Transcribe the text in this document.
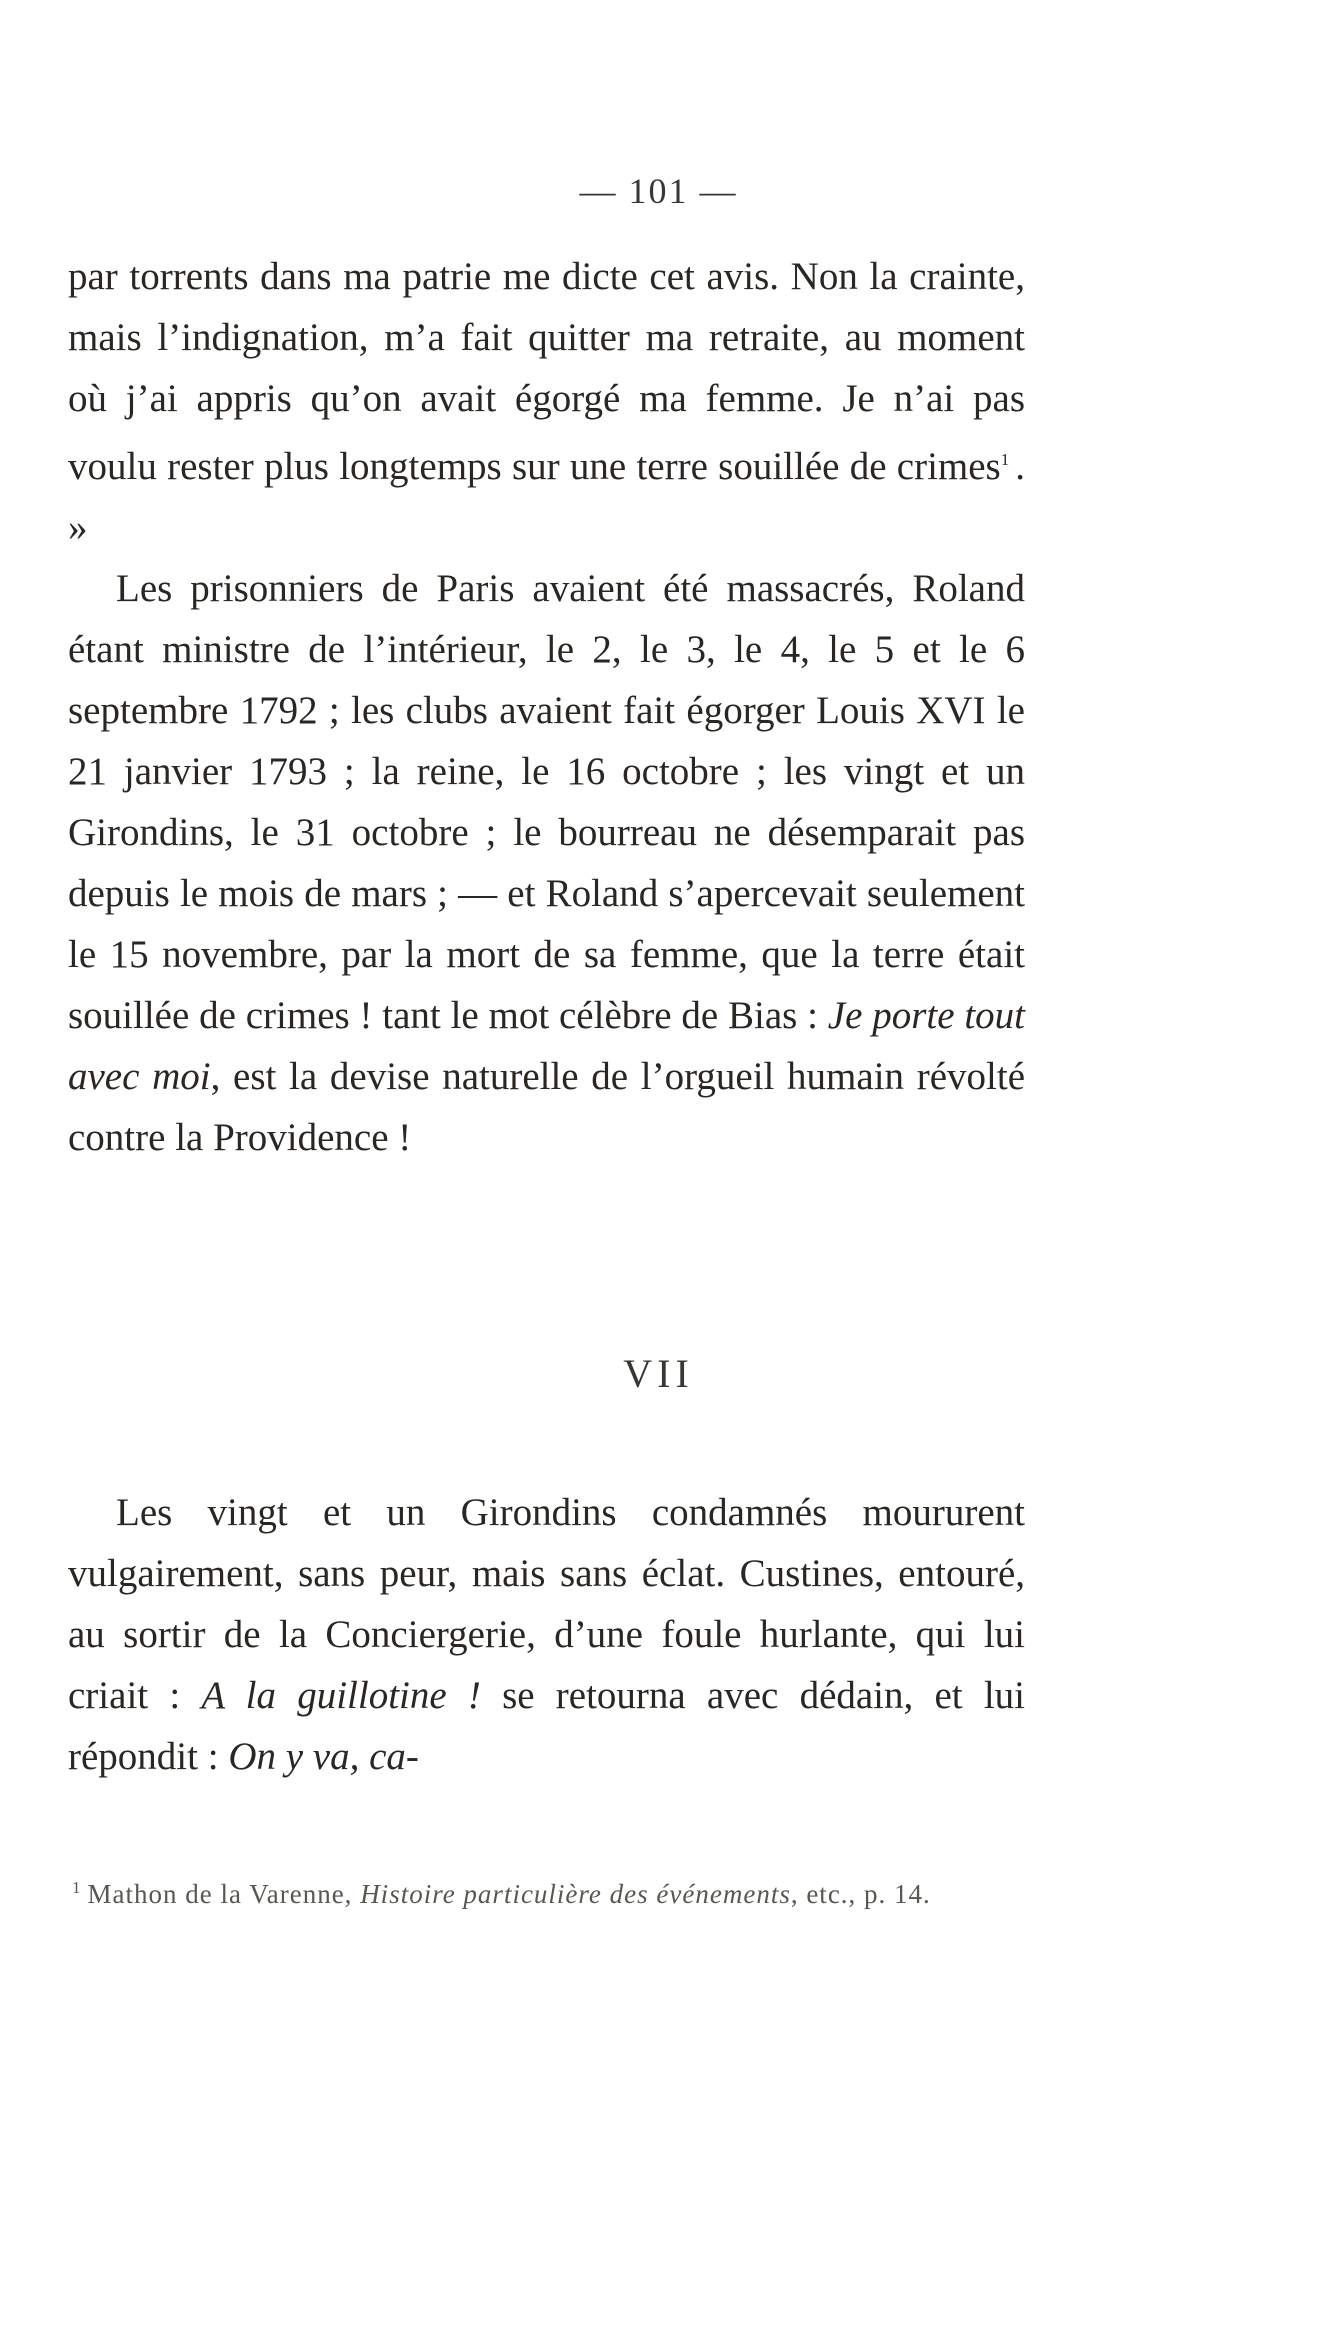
— 101 —

par torrents dans ma patrie me dicte cet avis. Non la crainte, mais l’indignation, m’a fait quitter ma retraite, au moment où j’ai appris qu’on avait égorgé ma femme. Je n’ai pas voulu rester plus longtemps sur une terre souillée de crimes$^1$ . »

Les prisonniers de Paris avaient été massacrés, Roland étant ministre de l’intérieur, le 2, le 3, le 4, le 5 et le 6 septembre 1792 ; les clubs avaient fait égorger Louis XVI le 21 janvier 1793 ; la reine, le 16 octobre ; les vingt et un Girondins, le 31 octobre ; le bourreau ne désemparait pas depuis le mois de mars ; — et Roland s’apercevait seulement le 15 novembre, par la mort de sa femme, que la terre était souillée de crimes ! tant le mot célèbre de Bias : Je porte tout avec moi, est la devise naturelle de l’orgueil humain révolté contre la Providence !

VII

Les vingt et un Girondins condamnés moururent vulgairement, sans peur, mais sans éclat. Custines, entouré, au sortir de la Conciergerie, d’une foule hurlante, qui lui criait : A la guillotine ! se retourna avec dédain, et lui répondit : On y va, ca-

$^1$ Mathon de la Varenne, Histoire particulière des événements, etc., p. 14.
